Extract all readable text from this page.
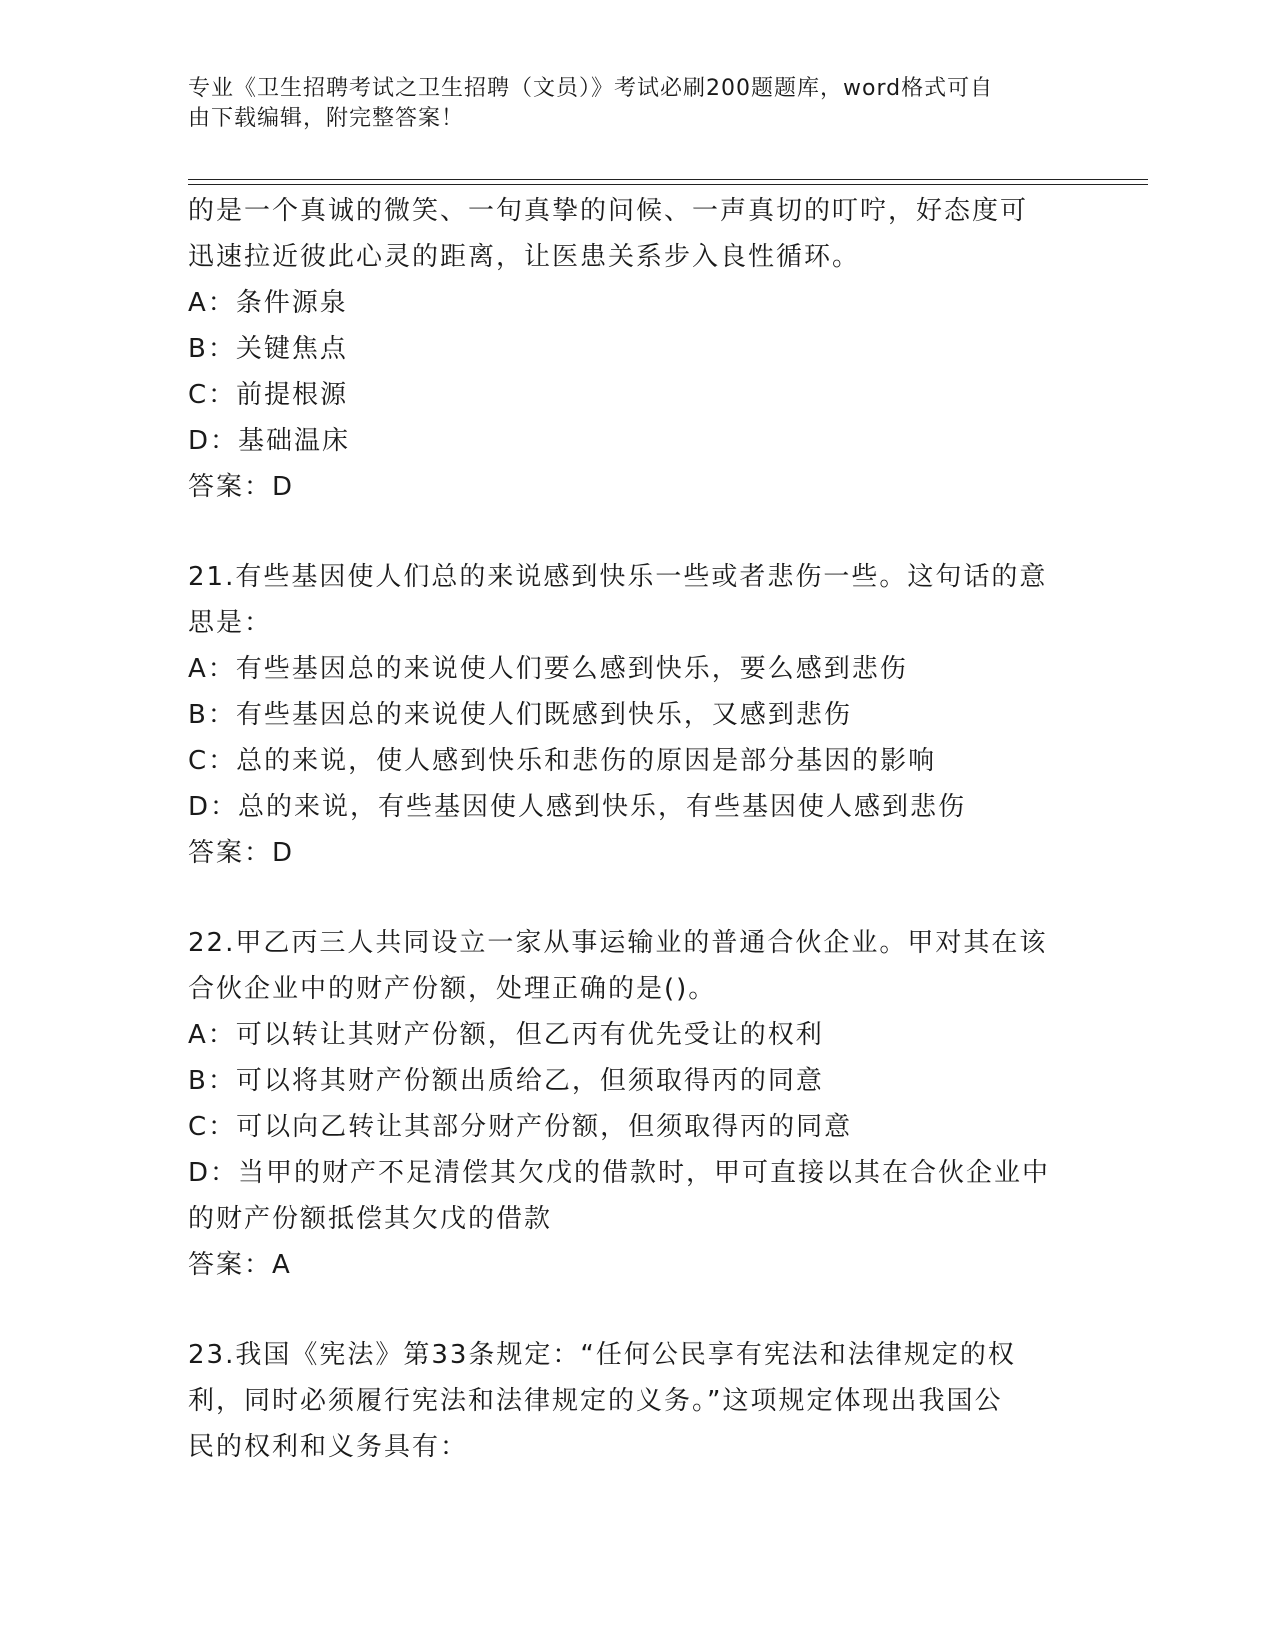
专业《卫生招聘考试之卫生招聘（文员）》考试必刷200题题库，word格式可自
由下载编辑，附完整答案！

的是一个真诚的微笑、一句真挚的问候、一声真切的叮咛，好态度可

迅速拉近彼此心灵的距离，让医患关系步入良性循环。

A：条件源泉

B：关键焦点

C：前提根源

D：基础温床

答案：D

21.有些基因使人们总的来说感到快乐一些或者悲伤一些。这句话的意

思是：

A：有些基因总的来说使人们要么感到快乐，要么感到悲伤

B：有些基因总的来说使人们既感到快乐，又感到悲伤

C：总的来说，使人感到快乐和悲伤的原因是部分基因的影响

D：总的来说，有些基因使人感到快乐，有些基因使人感到悲伤

答案：D

22.甲乙丙三人共同设立一家从事运输业的普通合伙企业。甲对其在该

合伙企业中的财产份额，处理正确的是()。

A：可以转让其财产份额，但乙丙有优先受让的权利

B：可以将其财产份额出质给乙，但须取得丙的同意

C：可以向乙转让其部分财产份额，但须取得丙的同意

D：当甲的财产不足清偿其欠戊的借款时，甲可直接以其在合伙企业中

的财产份额抵偿其欠戊的借款

答案：A

23.我国《宪法》第33条规定：“任何公民享有宪法和法律规定的权

利，同时必须履行宪法和法律规定的义务。”这项规定体现出我国公

民的权利和义务具有：
